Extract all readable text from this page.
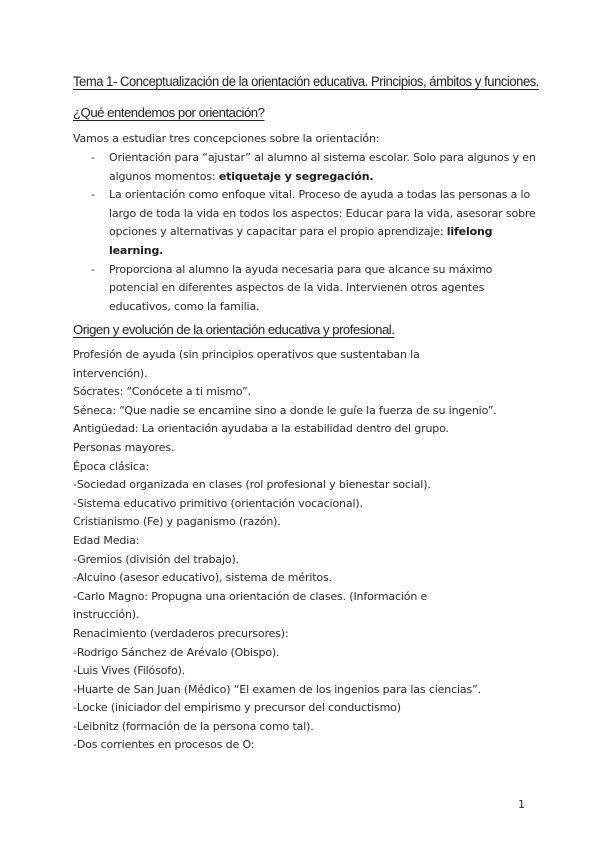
Tema 1- Conceptualización de la orientación educativa. Principios, ámbitos y funciones.
¿Qué entendemos por orientación?
Vamos a estudiar tres concepciones sobre la orientación:
- Orientación para “ajustar” al alumno al sistema escolar. Solo para algunos y en algunos momentos: etiquetaje y segregación.
- La orientación como enfoque vital. Proceso de ayuda a todas las personas a lo largo de toda la vida en todos los aspectos: Educar para la vida, asesorar sobre opciones y alternativas y capacitar para el propio aprendizaje: lifelong learning.
- Proporciona al alumno la ayuda necesaria para que alcance su máximo potencial en diferentes aspectos de la vida. Intervienen otros agentes educativos, como la familia.
Origen y evolución de la orientación educativa y profesional.
Profesión de ayuda (sin principios operativos que sustentaban la
intervención).
Sócrates: “Conócete a ti mismo”.
Séneca: “Que nadie se encamine sino a donde le guíe la fuerza de su ingenio”.
Antigüedad: La orientación ayudaba a la estabilidad dentro del grupo.
Personas mayores.
Época clásica:
-Sociedad organizada en clases (rol profesional y bienestar social).
-Sistema educativo primitivo (orientación vocacional).
Cristianismo (Fe) y paganismo (razón).
Edad Media:
-Gremios (división del trabajo).
-Alcuino (asesor educativo), sistema de méritos.
-Carlo Magno: Propugna una orientación de clases. (Información e
instrucción).
Renacimiento (verdaderos precursores):
-Rodrigo Sánchez de Arévalo (Obispo).
-Luis Vives (Filósofo).
-Huarte de San Juan (Médico) “El examen de los ingenios para las ciencias”.
-Locke (iniciador del empirismo y precursor del conductismo)
-Leibnitz (formación de la persona como tal).
-Dos corrientes en procesos de O:
1
